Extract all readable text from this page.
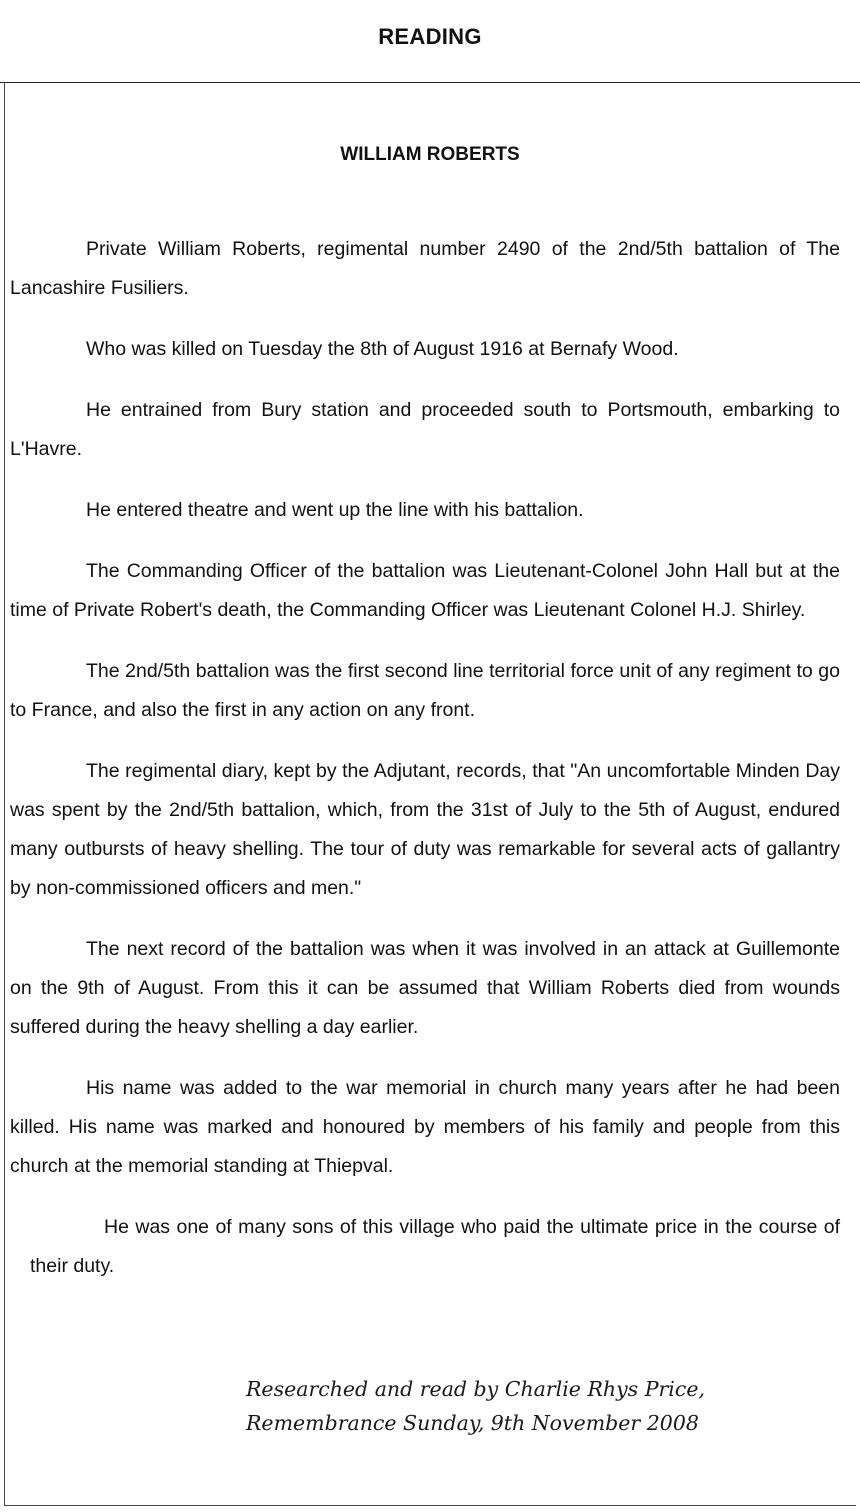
READING
WILLIAM ROBERTS

Private William Roberts, regimental number 2490 of the 2nd/5th battalion of The Lancashire Fusiliers.

Who was killed on Tuesday the 8th of August 1916 at Bernafy Wood.

He entrained from Bury station and proceeded south to Portsmouth, embarking to L'Havre.

He entered theatre and went up the line with his battalion.

The Commanding Officer of the battalion was Lieutenant-Colonel John Hall but at the time of Private Robert's death, the Commanding Officer was Lieutenant Colonel H.J. Shirley.

The 2nd/5th battalion was the first second line territorial force unit of any regiment to go to France, and also the first in any action on any front.

The regimental diary, kept by the Adjutant, records, that "An uncomfortable Minden Day was spent by the 2nd/5th battalion, which, from the 31st of July to the 5th of August, endured many outbursts of heavy shelling. The tour of duty was remarkable for several acts of gallantry by non-commissioned officers and men."

The next record of the battalion was when it was involved in an attack at Guillemonte on the 9th of August. From this it can be assumed that William Roberts died from wounds suffered during the heavy shelling a day earlier.

His name was added to the war memorial in church many years after he had been killed. His name was marked and honoured by members of his family and people from this church at the memorial standing at Thiepval.

He was one of many sons of this village who paid the ultimate price in the course of their duty.

Researched and read by Charlie Rhys Price,
Remembrance Sunday, 9th November 2008
